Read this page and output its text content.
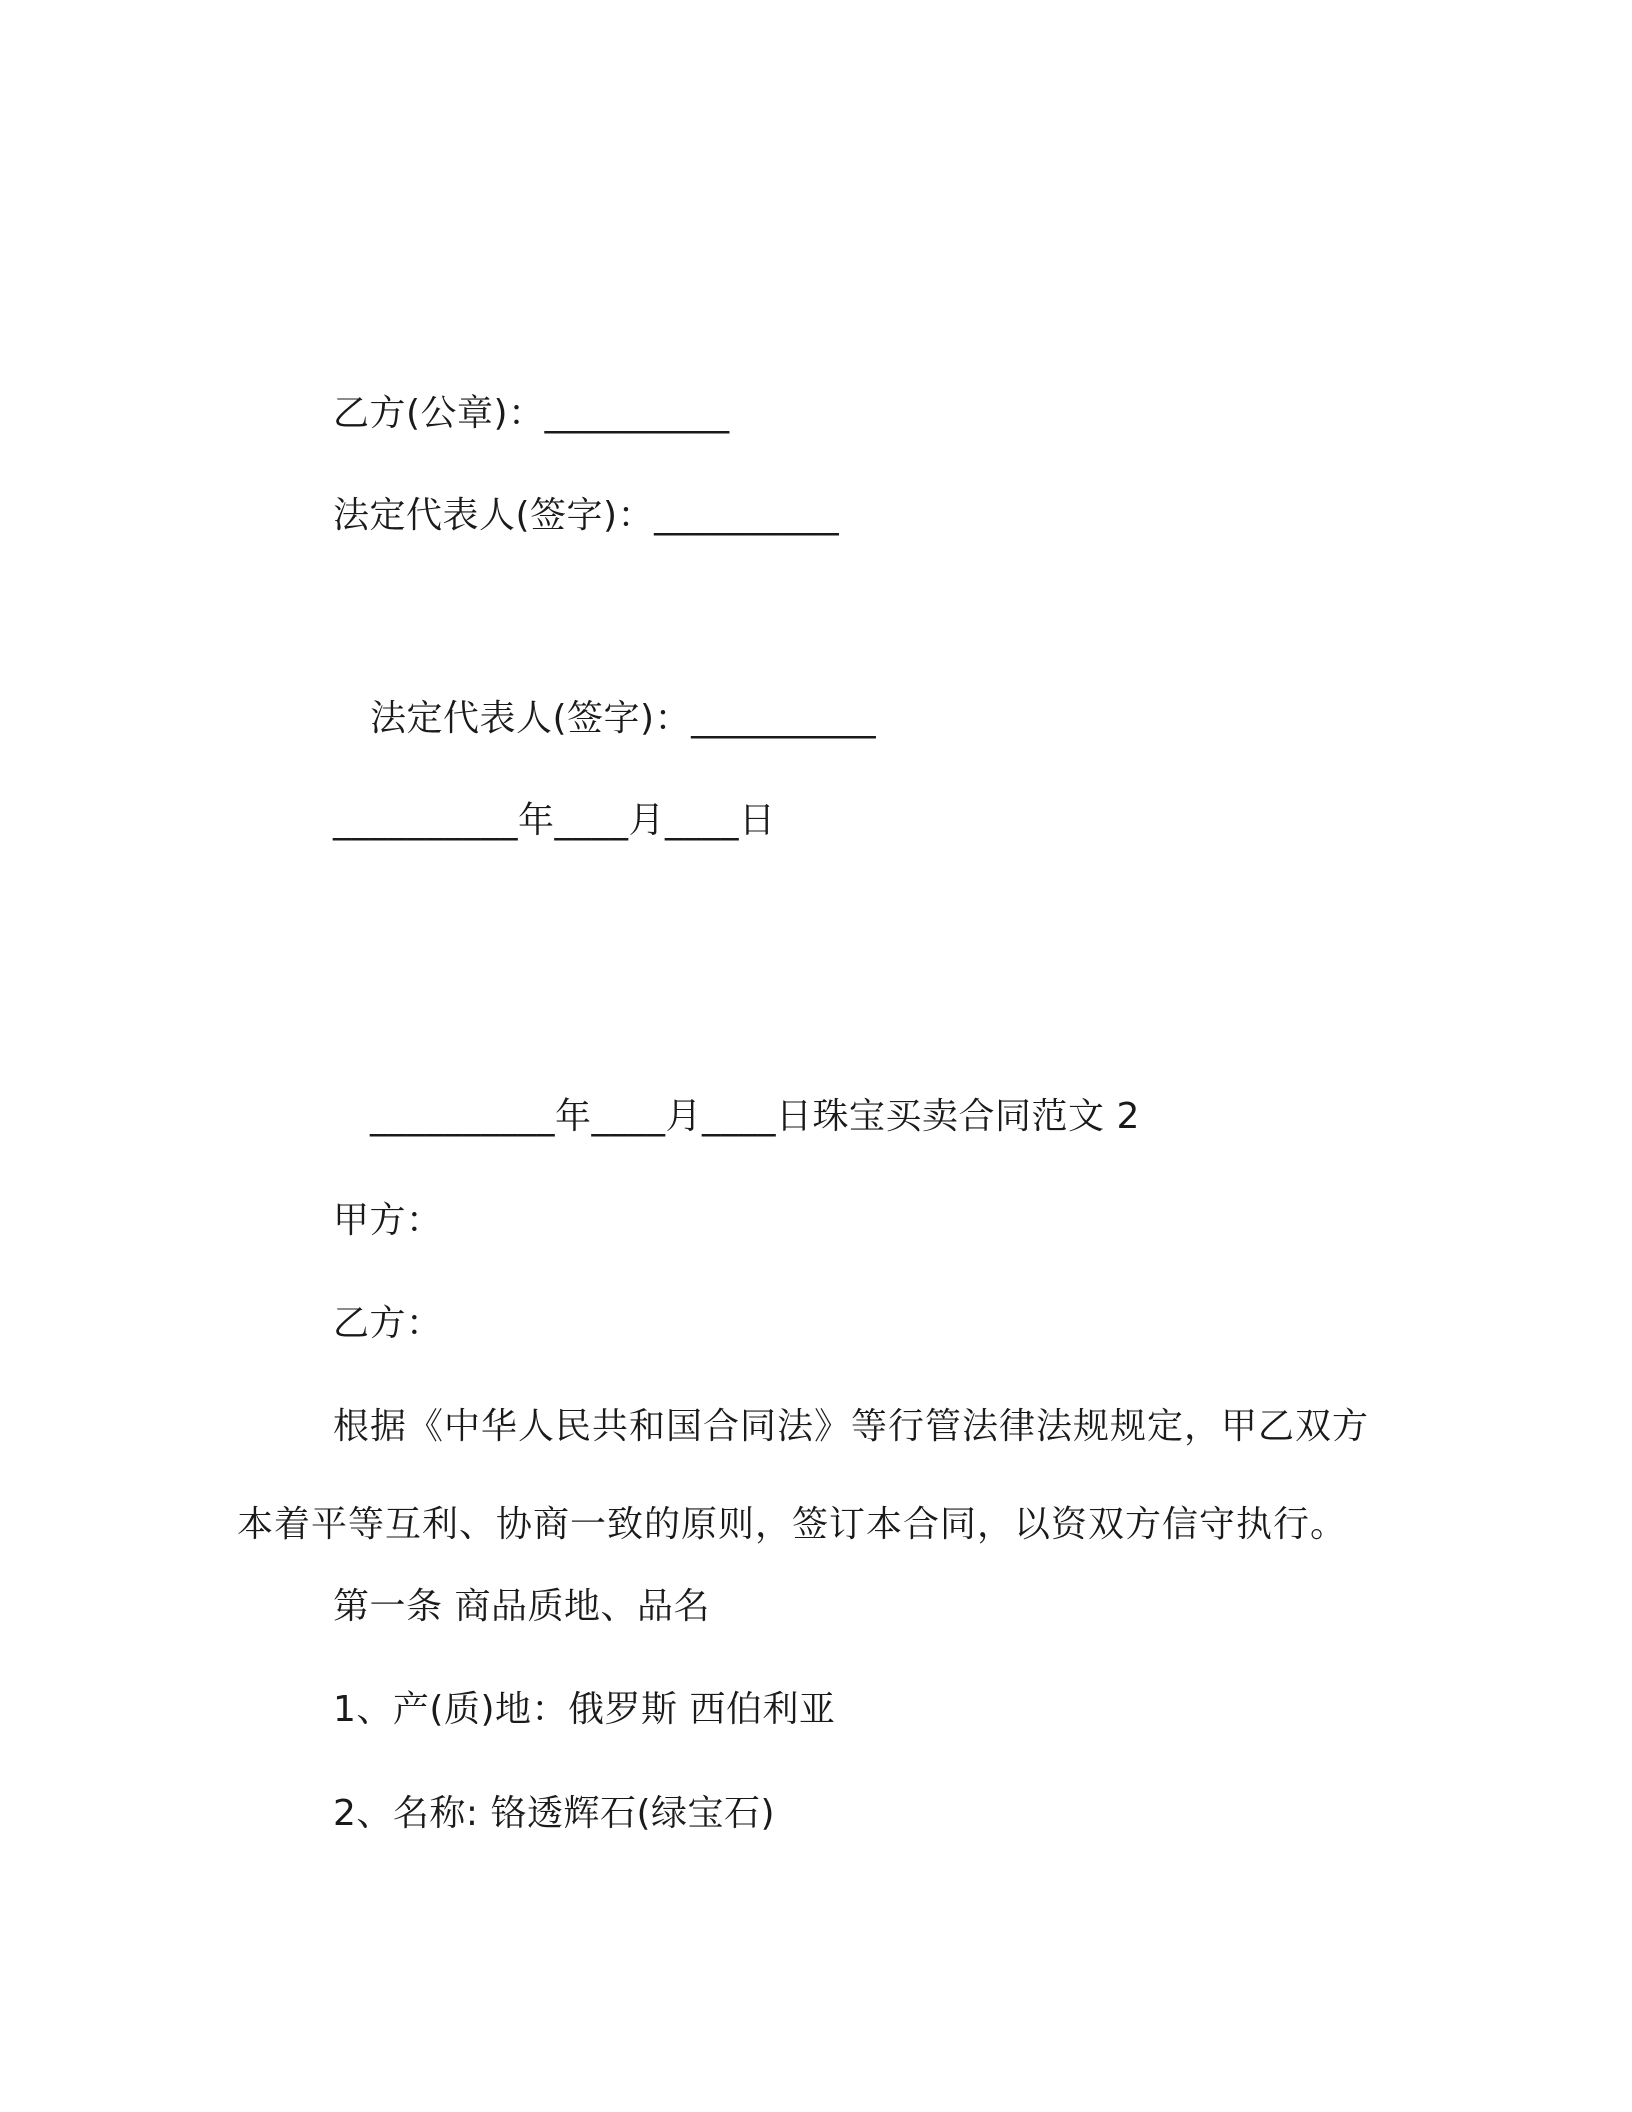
乙方(公章)：__________
法定代表人(签字)：__________
法定代表人(签字)：__________
__________年____月____日
__________年____月____日珠宝买卖合同范文 2
甲方：
乙方：
根据《中华人民共和国合同法》等行管法律法规规定，甲乙双方本着平等互利、协商一致的原则，签订本合同，以资双方信守执行。
第一条 商品质地、品名
1、产(质)地：俄罗斯 西伯利亚
2、名称: 铬透辉石(绿宝石)
